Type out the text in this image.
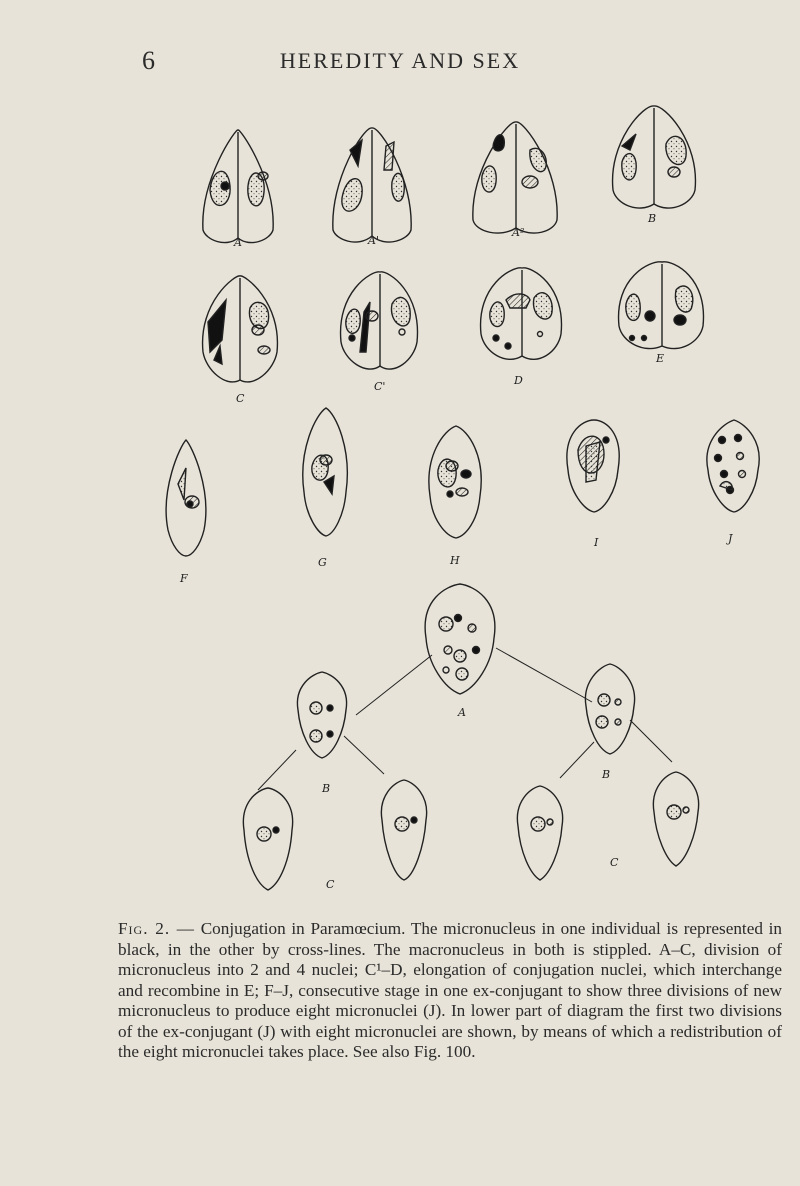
6	HEREDITY AND SEX
A	A'
A²
B
C
C'	D
E
F
G	H
I	J
A
B
B
C
C

Fig. 2. — Conjugation in Paramœcium. The micronucleus in one individual is represented in black, in the other by cross-lines. The macronucleus in both is stippled. A–C, division of micronucleus into 2 and 4 nuclei; C¹–D, elongation of conjugation nuclei, which interchange and recombine in E; F–J, consecutive stage in one ex-conjugant to show three divisions of new micronucleus to produce eight micronuclei (J). In lower part of diagram the first two divisions of the ex-conjugant (J) with eight micronuclei are shown, by means of which a redistribution of the eight micronuclei takes place. See also Fig. 100.
